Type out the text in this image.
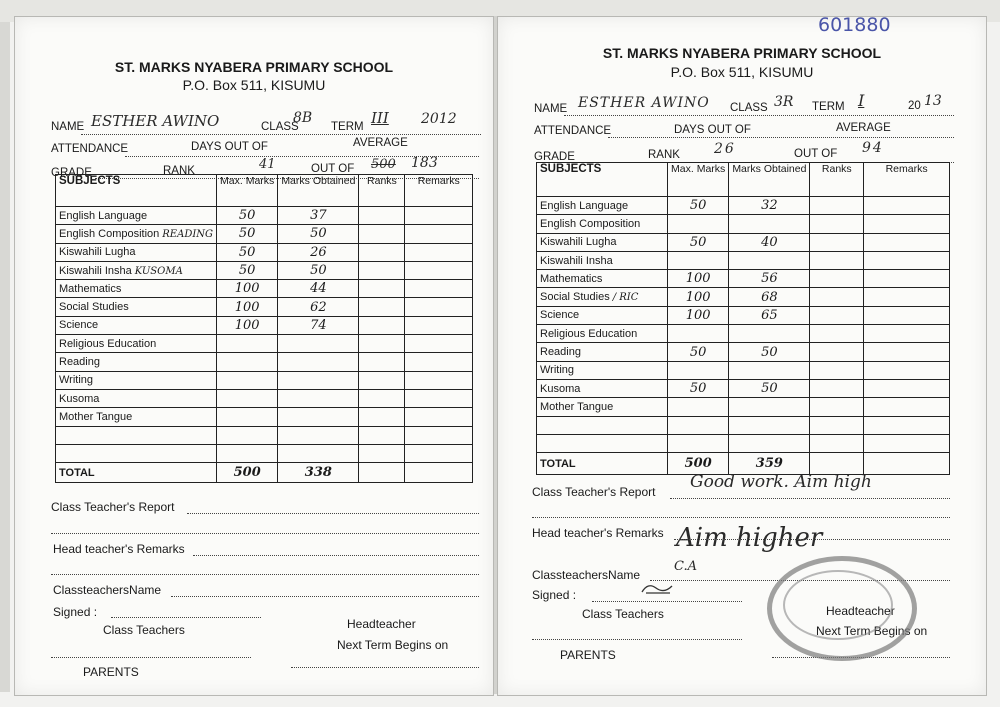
ST. MARKS NYABERA PRIMARY SCHOOL
P.O. Box 511, KISUMU
NAME ESTHER AWINO	CLASS
8B
TERM III 2012
ATTENDANCE	DAYS OUT OF	AVERAGE
GRADE	RANK	41	OUT OF 500 183
SUBJECTS	Max. Marks	Marks Obtained	Ranks	Remarks
English Language	50	37		
English Composition READING	50	50		
Kiswahili Lugha	50	26		
Kiswahili Insha KUSOMA	50	50		
Mathematics	100	44		
Social Studies	100	62		
Science	100	74		
Religious Education				
Reading				
Writing				
Kusoma				
Mother Tangue				

TOTAL	500	338		
Class Teacher's Report
Head teacher's Remarks
ClassteachersName
Signed :
Class Teachers	Headteacher
Next Term Begins on
PARENTS
ST. MARKS NYABERA PRIMARY SCHOOL
P.O. Box 511, KISUMU
NAME ESTHER AWINO CLASS 3R TERM I	20 13
ATTENDANCE	DAYS OUT OF	AVERAGE
GRADE	RANK 26	OUT OF 94
SUBJECTS	Max. Marks	Marks Obtained	Ranks	Remarks
English Language	50	32		
English Composition				
Kiswahili Lugha	50	40		
Kiswahili Insha				
Mathematics	100	56		
Social Studies / RIC	100	68		
Science	100	65		
Religious Education				
Reading	50	50		
Writing				
Kusoma	50	50		
Mother Tangue				

TOTAL	500	359		
Class Teacher's Report Good work. Aim high
Head teacher's Remarks Aim higher
ClassteachersName
C.A
Signed :
Class Teachers	Headteacher
Next Term Begins on
PARENTS
601880
